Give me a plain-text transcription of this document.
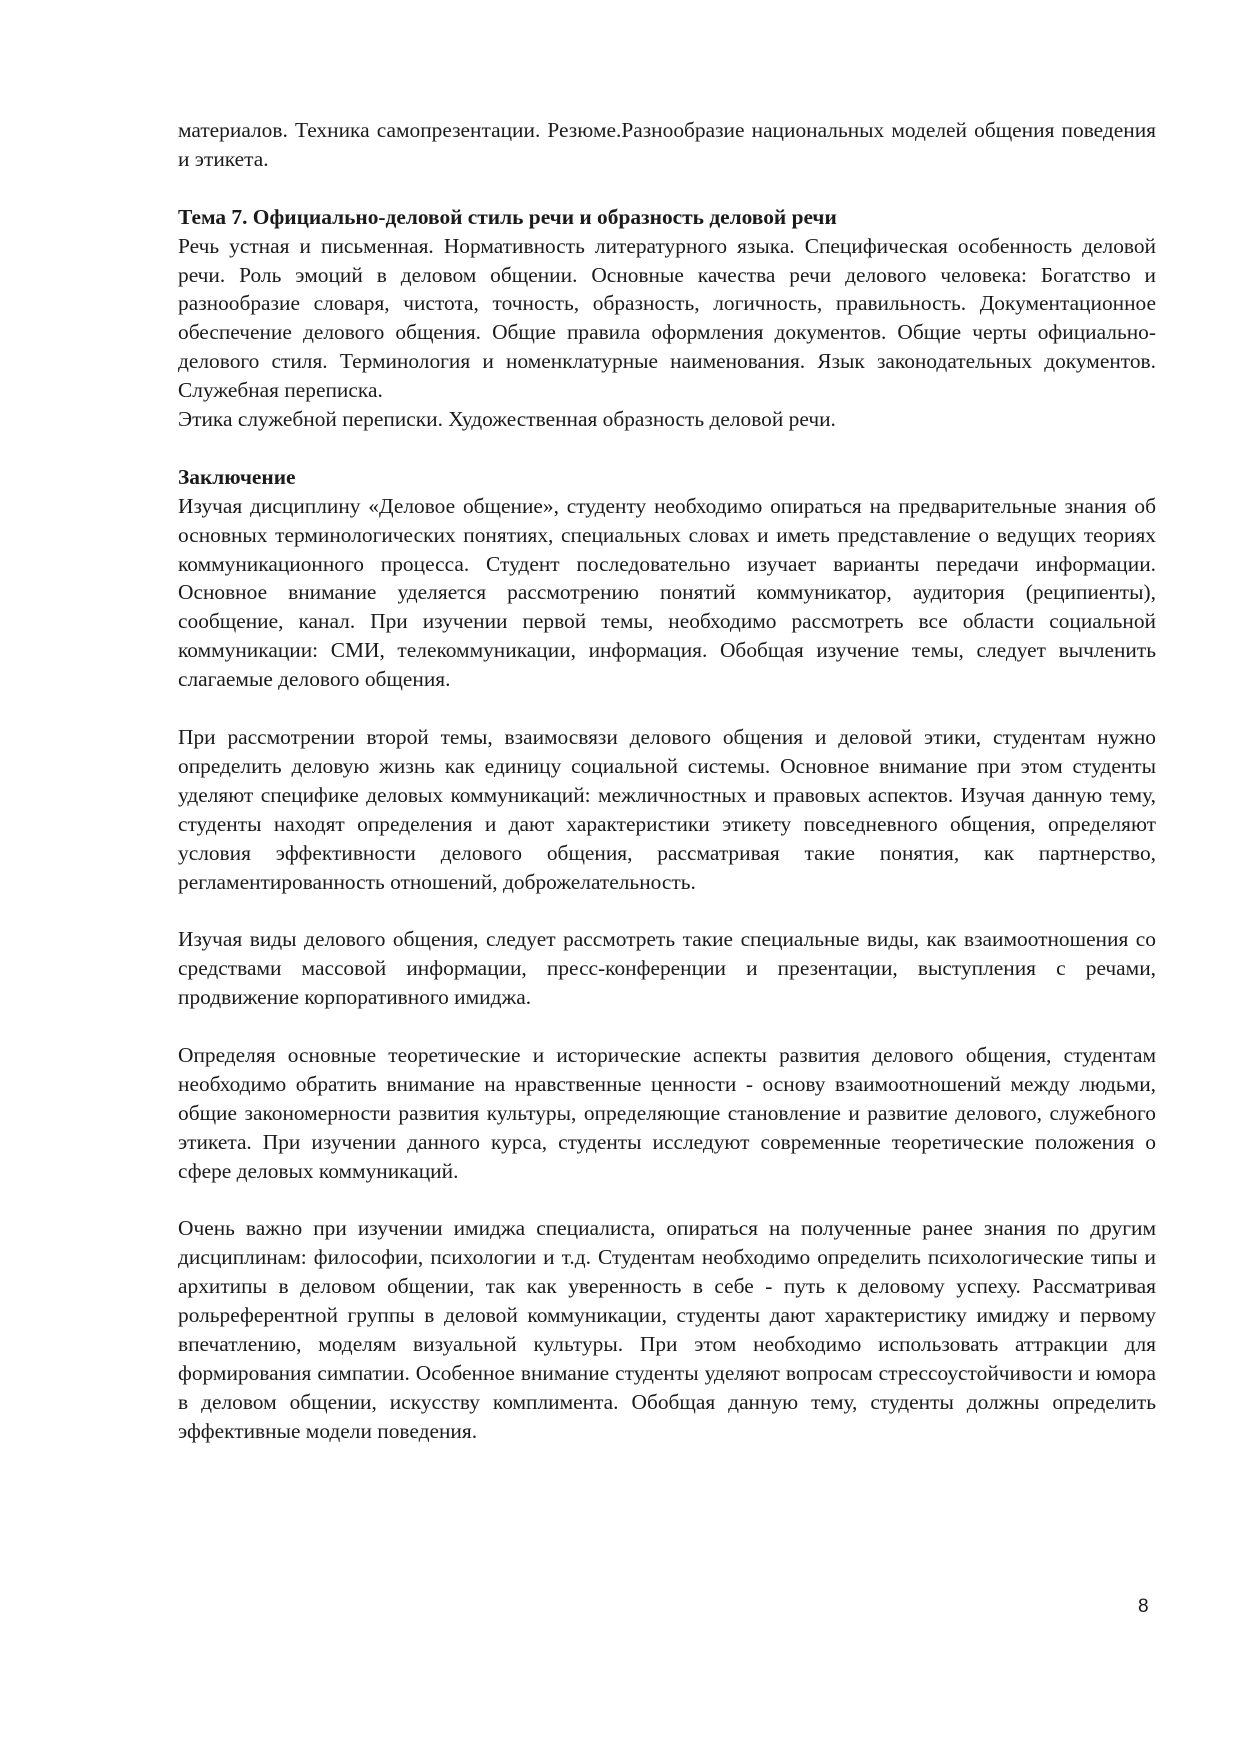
материалов. Техника самопрезентации. Резюме.Разнообразие национальных моделей общения поведения и этикета.

Тема 7. Официально-деловой стиль речи и образность деловой речи

Речь устная и письменная. Нормативность литературного языка. Специфическая особенность деловой речи. Роль эмоций в деловом общении. Основные качества речи делового человека: Богатство и разнообразие словаря, чистота, точность, образность, логичность, правильность. Документационное обеспечение делового общения. Общие правила оформления документов. Общие черты официально-делового стиля. Терминология и номенклатурные наименования. Язык законодательных документов. Служебная переписка.

Этика служебной переписки. Художественная образность деловой речи.

Заключение

Изучая дисциплину «Деловое общение», студенту необходимо опираться на предварительные знания об основных терминологических понятиях, специальных словах и иметь представление о ведущих теориях коммуникационного процесса. Студент последовательно изучает варианты передачи информации. Основное внимание уделяется рассмотрению понятий коммуникатор, аудитория (реципиенты), сообщение, канал. При изучении первой темы, необходимо рассмотреть все области социальной коммуникации: СМИ, телекоммуникации, информация. Обобщая изучение темы, следует вычленить слагаемые делового общения.

При рассмотрении второй темы, взаимосвязи делового общения и деловой этики, студентам нужно определить деловую жизнь как единицу социальной системы. Основное внимание при этом студенты уделяют специфике деловых коммуникаций: межличностных и правовых аспектов. Изучая данную тему, студенты находят определения и дают характеристики этикету повседневного общения, определяют условия эффективности делового общения, рассматривая такие понятия, как партнерство, регламентированность отношений, доброжелательность.

Изучая виды делового общения, следует рассмотреть такие специальные виды, как взаимоотношения со средствами массовой информации, пресс-конференции и презентации, выступления с речами, продвижение корпоративного имиджа.

Определяя основные теоретические и исторические аспекты развития делового общения, студентам необходимо обратить внимание на нравственные ценности - основу взаимоотношений между людьми, общие закономерности развития культуры, определяющие становление и развитие делового, служебного этикета. При изучении данного курса, студенты исследуют современные теоретические положения о сфере деловых коммуникаций.

Очень важно при изучении имиджа специалиста, опираться на полученные ранее знания по другим дисциплинам: философии, психологии и т.д. Студентам необходимо определить психологические типы и архитипы в деловом общении, так как уверенность в себе - путь к деловому успеху. Рассматривая рольреферентной группы в деловой коммуникации, студенты дают характеристику имиджу и первому впечатлению, моделям визуальной культуры. При этом необходимо использовать аттракции для формирования симпатии. Особенное внимание студенты уделяют вопросам стрессоустойчивости и юмора в деловом общении, искусству комплимента. Обобщая данную тему, студенты должны определить эффективные модели поведения.

8
